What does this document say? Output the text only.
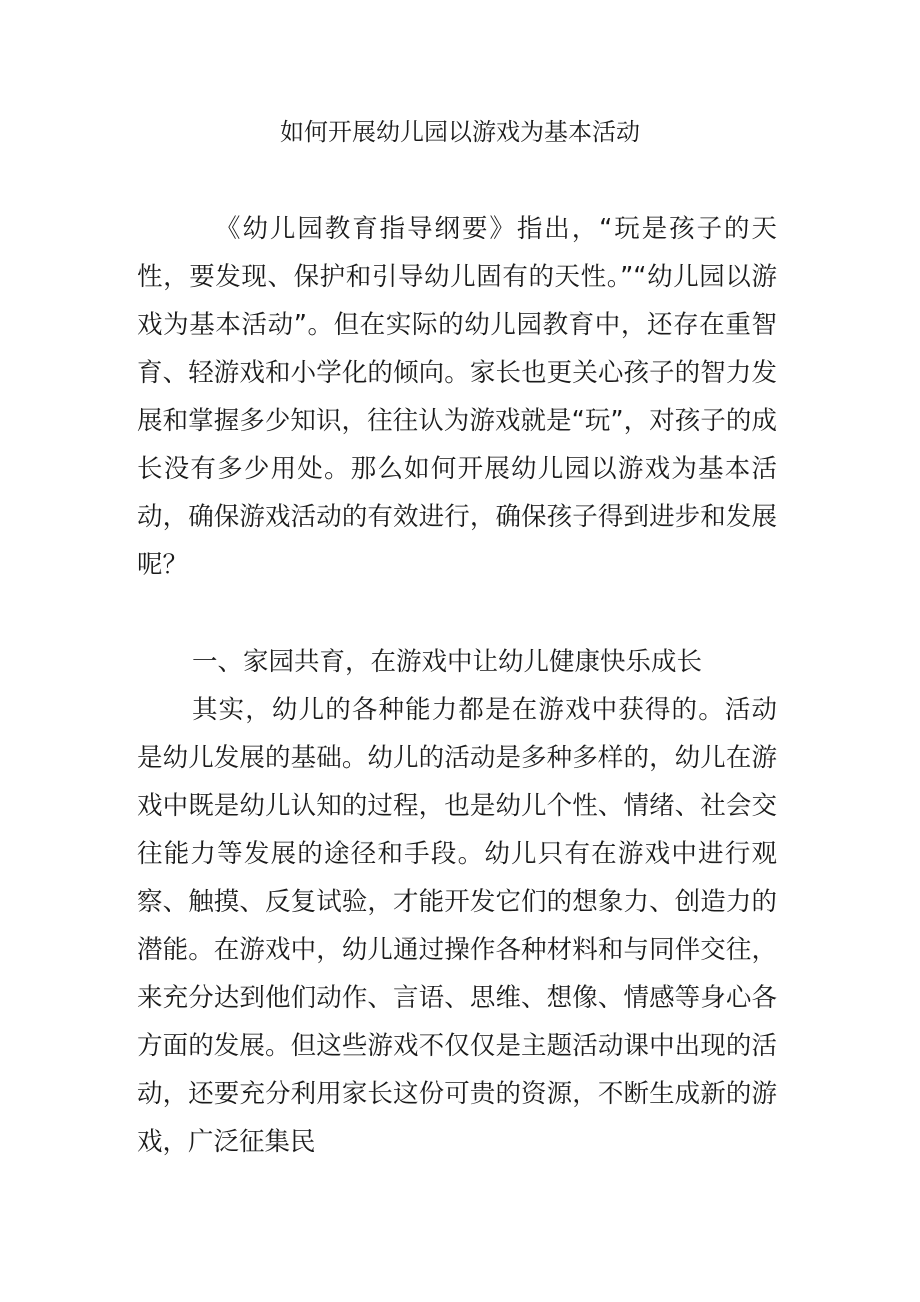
如何开展幼儿园以游戏为基本活动

《幼儿园教育指导纲要》指出，“玩是孩子的天性，要发现、保护和引导幼儿固有的天性。”“幼儿园以游戏为基本活动”。但在实际的幼儿园教育中，还存在重智育、轻游戏和小学化的倾向。家长也更关心孩子的智力发展和掌握多少知识，往往认为游戏就是“玩”，对孩子的成长没有多少用处。那么如何开展幼儿园以游戏为基本活动，确保游戏活动的有效进行，确保孩子得到进步和发展呢？

一、家园共育，在游戏中让幼儿健康快乐成长

其实，幼儿的各种能力都是在游戏中获得的。活动是幼儿发展的基础。幼儿的活动是多种多样的，幼儿在游戏中既是幼儿认知的过程，也是幼儿个性、情绪、社会交往能力等发展的途径和手段。幼儿只有在游戏中进行观察、触摸、反复试验，才能开发它们的想象力、创造力的潜能。在游戏中，幼儿通过操作各种材料和与同伴交往，来充分达到他们动作、言语、思维、想像、情感等身心各方面的发展。但这些游戏不仅仅是主题活动课中出现的活动，还要充分利用家长这份可贵的资源，不断生成新的游戏，广泛征集民
